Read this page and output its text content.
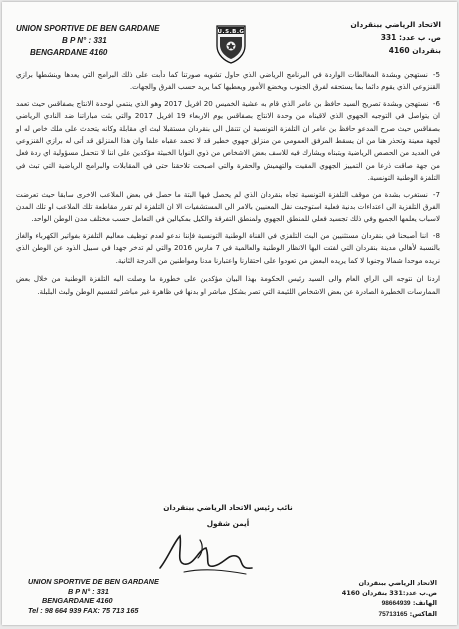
UNION SPORTIVE DE BEN GARDANE
B P N° : 331
BENGARDANE 4160
U.S.B.G
الاتحاد الرياضي ببنقردان
ص. ب عدد: 331
بنقردان 4160

5- نستهجن وبشدة المغالطات الواردة في البرنامج الرياضي الذي حاول تشويه صورتنا كما دأبت على ذلك البرامج التي يعدها وينشطها برازي القنزوعي الذي يقوم دائما بما يستحقه لفرق الجنوب ويخضع الأمور ويعطيها كما يريد حسب الفرق والجهات.

6- نستهجن وبشدة تصريح السيد حافظ بن عامر الذي قام به عشية الخميس 20 افريل 2017 وهو الذي ينتمي لوحدة الانتاج بصفاقس حيث تعمد ان يتواصل في التوجيه الجهوي الذي لاقيناه من وحدة الانتاج بصفاقس يوم الاربعاء 19 افريل 2017 والتي بثت مباراتنا ضد النادي الرياضي بصفاقس حيث صرح المدعو حافظ بن عامر ان التلفزة التونسية لن تتنقل الى بنقردان مستقبلا لبث اي مقابلة وكانه يتحدث على ملك خاص له او لجهة معينة وتحذر هنا من ان يسقط المرفق العمومي من منزلق جهوي خطير قد لا تحمد عقباه علما وان هذا المنزلق قد أتى له برازي القنزوعي في العديد من الحصص الرياضية ويتبناه ويشارك فيه للاسف بعض الاشخاص من ذوي النوايا الخبيثة مؤكدين على اننا لا نتحمل مسؤولية اي ردة فعل من جهة صاقت ذرعا من التمييز الجهوي المقيت والتهميش والحقرة والتي اصبحت تلاحقنا حتى في المقابلات والبرامج الرياضية التي تبث في التلفزة الوطنية التونسية.

7- نستغرب بشدة من موقف التلفزة التونسية تجاه بنقردان الذي لم يحصل فيها البتة ما حصل في بعض الملاعب الاخرى سابقا حيث تعرضت الفرق التلفزية الى اعتداءات بدنية فعلية استوجبت نقل المعنيين بالامر الى المستشفيات الا ان التلفزة لم تقرر مقاطعة تلك الملاعب او تلك المدن لاسباب يعلمها الجميع وفي ذلك تجسيد فعلي للمنطق الجهوي ولمنطق التفرقة والكيل بمكيالين في التعامل حسب مختلف مدن الوطن الواحد.

8- اننا أصبحنا في بنقردان مستثنيين من البث التلفزي في القناة الوطنية التونسية فإننا ندعو لعدم توظيف معاليم التلفزة بفواتير الكهرباء والغاز بالنسبة لأهالي مدينة بنقردان التي لفتت اليها الانظار الوطنية والعالمية في 7 مارس 2016 والتي لم تدخر جهدا في سبيل الذود عن الوطن الذي نريده موحدا شمالا وجنوبا لا كما يريده البعض من تعودوا على احتقارنا واعتبارنا مدنا ومواطنين من الدرجة الثانية.

اردنا ان نتوجه الى الراي العام والى السيد رئيس الحكومة بهذا البيان مؤكدين على خطورة ما وصلت اليه التلفزة الوطنية من خلال بعض الممارسات الخطيرة الصادرة عن بعض الاشخاص اللئيمة التي تصر بشكل مباشر او بدنها في ظاهرة غير مباشر لتقسيم الوطن ولبث البلبلة.

نائب رئيس الاتحاد الرياضي ببنقردان
أيمن شقول
UNION SPORTIVE DE BEN GARDANE
B P N° : 331
BENGARDANE 4160
Tel : 98 664 939 FAX: 75 713 165
الاتحاد الرياضي ببنقردان
ص.ب عدد:331 بنقردان 4160
الهاتف: 98664939
الفاكس: 75713165
